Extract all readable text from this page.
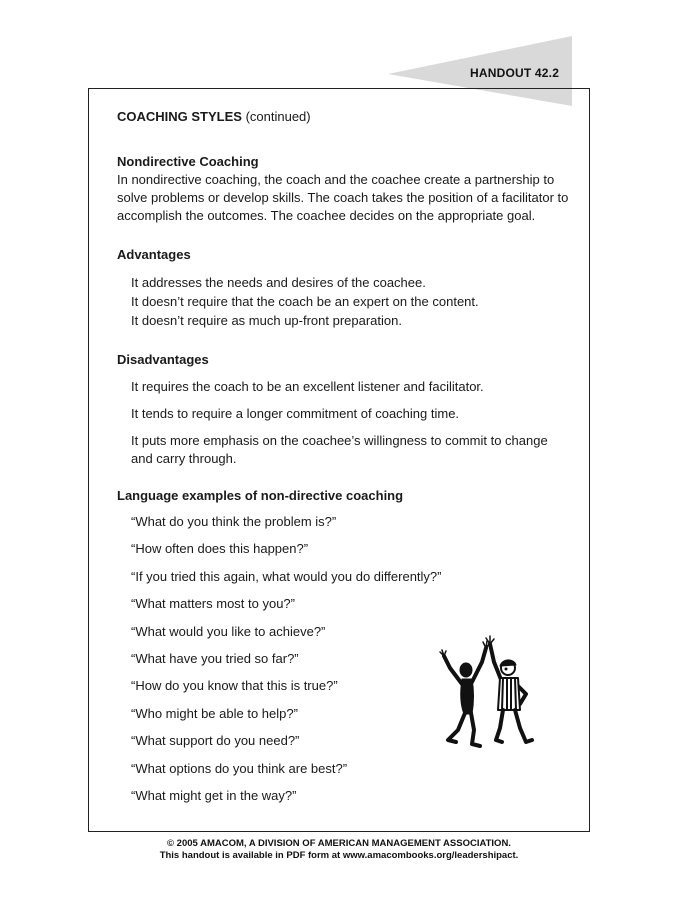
HANDOUT 42.2

COACHING STYLES (continued)

Nondirective Coaching

In nondirective coaching, the coach and the coachee create a partnership to solve problems or develop skills. The coach takes the position of a facilitator to accomplish the outcomes. The coachee decides on the appropriate goal.

Advantages

It addresses the needs and desires of the coachee.
It doesn’t require that the coach be an expert on the content.
It doesn’t require as much up-front preparation.

Disadvantages

It requires the coach to be an excellent listener and facilitator.
It tends to require a longer commitment of coaching time.
It puts more emphasis on the coachee’s willingness to commit to change and carry through.

Language examples of non-directive coaching

“What do you think the problem is?”
“How often does this happen?”
“If you tried this again, what would you do differently?”
“What matters most to you?”
“What would you like to achieve?”
“What have you tried so far?”
“How do you know that this is true?”
“Who might be able to help?”
“What support do you need?”
“What options do you think are best?”
“What might get in the way?”
© 2005 AMACOM, A DIVISION OF AMERICAN MANAGEMENT ASSOCIATION.
This handout is available in PDF form at www.amacombooks.org/leadershipact.
